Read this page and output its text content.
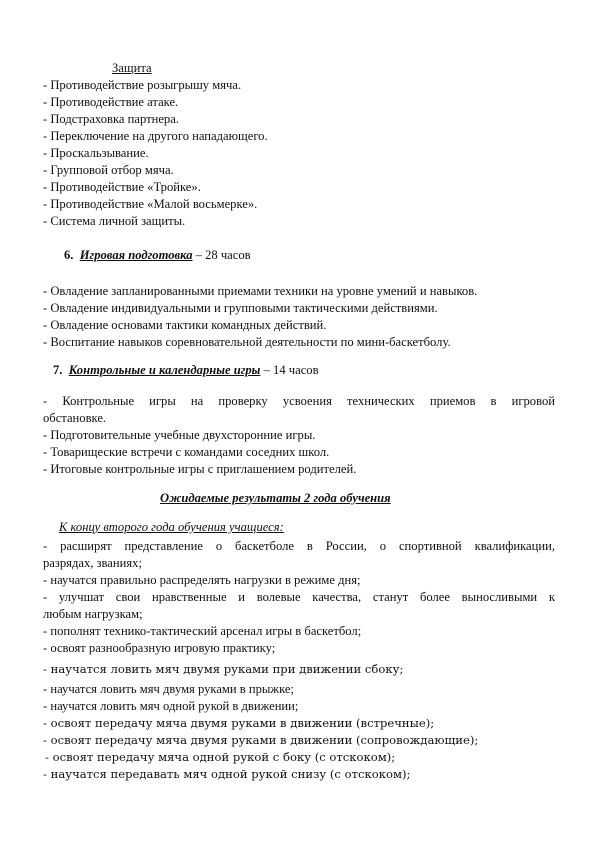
Защита
- Противодействие розыгрышу мяча.
- Противодействие атаке.
- Подстраховка партнера.
- Переключение на другого нападающего.
- Проскальзывание.
- Групповой отбор мяча.
- Противодействие «Тройке».
- Противодействие «Малой восьмерке».
- Система личной защиты.
6. Игровая подготовка – 28 часов
- Овладение запланированными приемами техники на уровне умений и навыков.
- Овладение индивидуальными и групповыми тактическими действиями.
- Овладение основами тактики командных действий.
- Воспитание навыков соревновательной деятельности по мини-баскетболу.
7. Контрольные и календарные игры – 14 часов
- Контрольные игры на проверку усвоения технических приемов в игровой
обстановке.
- Подготовительные учебные двухсторонние игры.
- Товарищеские встречи с командами соседних школ.
- Итоговые контрольные игры с приглашением родителей.
Ожидаемые результаты 2 года обучения
К концу второго года обучения учащиеся:
- расширят представление о баскетболе в России, о спортивной квалификации,
разрядах, званиях;
- научатся правильно распределять нагрузки в режиме дня;
- улучшат свои нравственные и волевые качества, станут более выносливыми к
любым нагрузкам;
- пополнят технико-тактический арсенал игры в баскетбол;
- освоят разнообразную игровую практику;
- научатся ловить мяч двумя руками при движении сбоку;
- научатся ловить мяч двумя руками в прыжке;
- научатся ловить мяч одной рукой в движении;
- освоят передачу мяча двумя руками в движении (встречные);
- освоят передачу мяча двумя руками в движении (сопровождающие);
- освоят передачу мяча одной рукой с боку (с отскоком);
- научатся передавать мяч одной рукой снизу (с отскоком);
